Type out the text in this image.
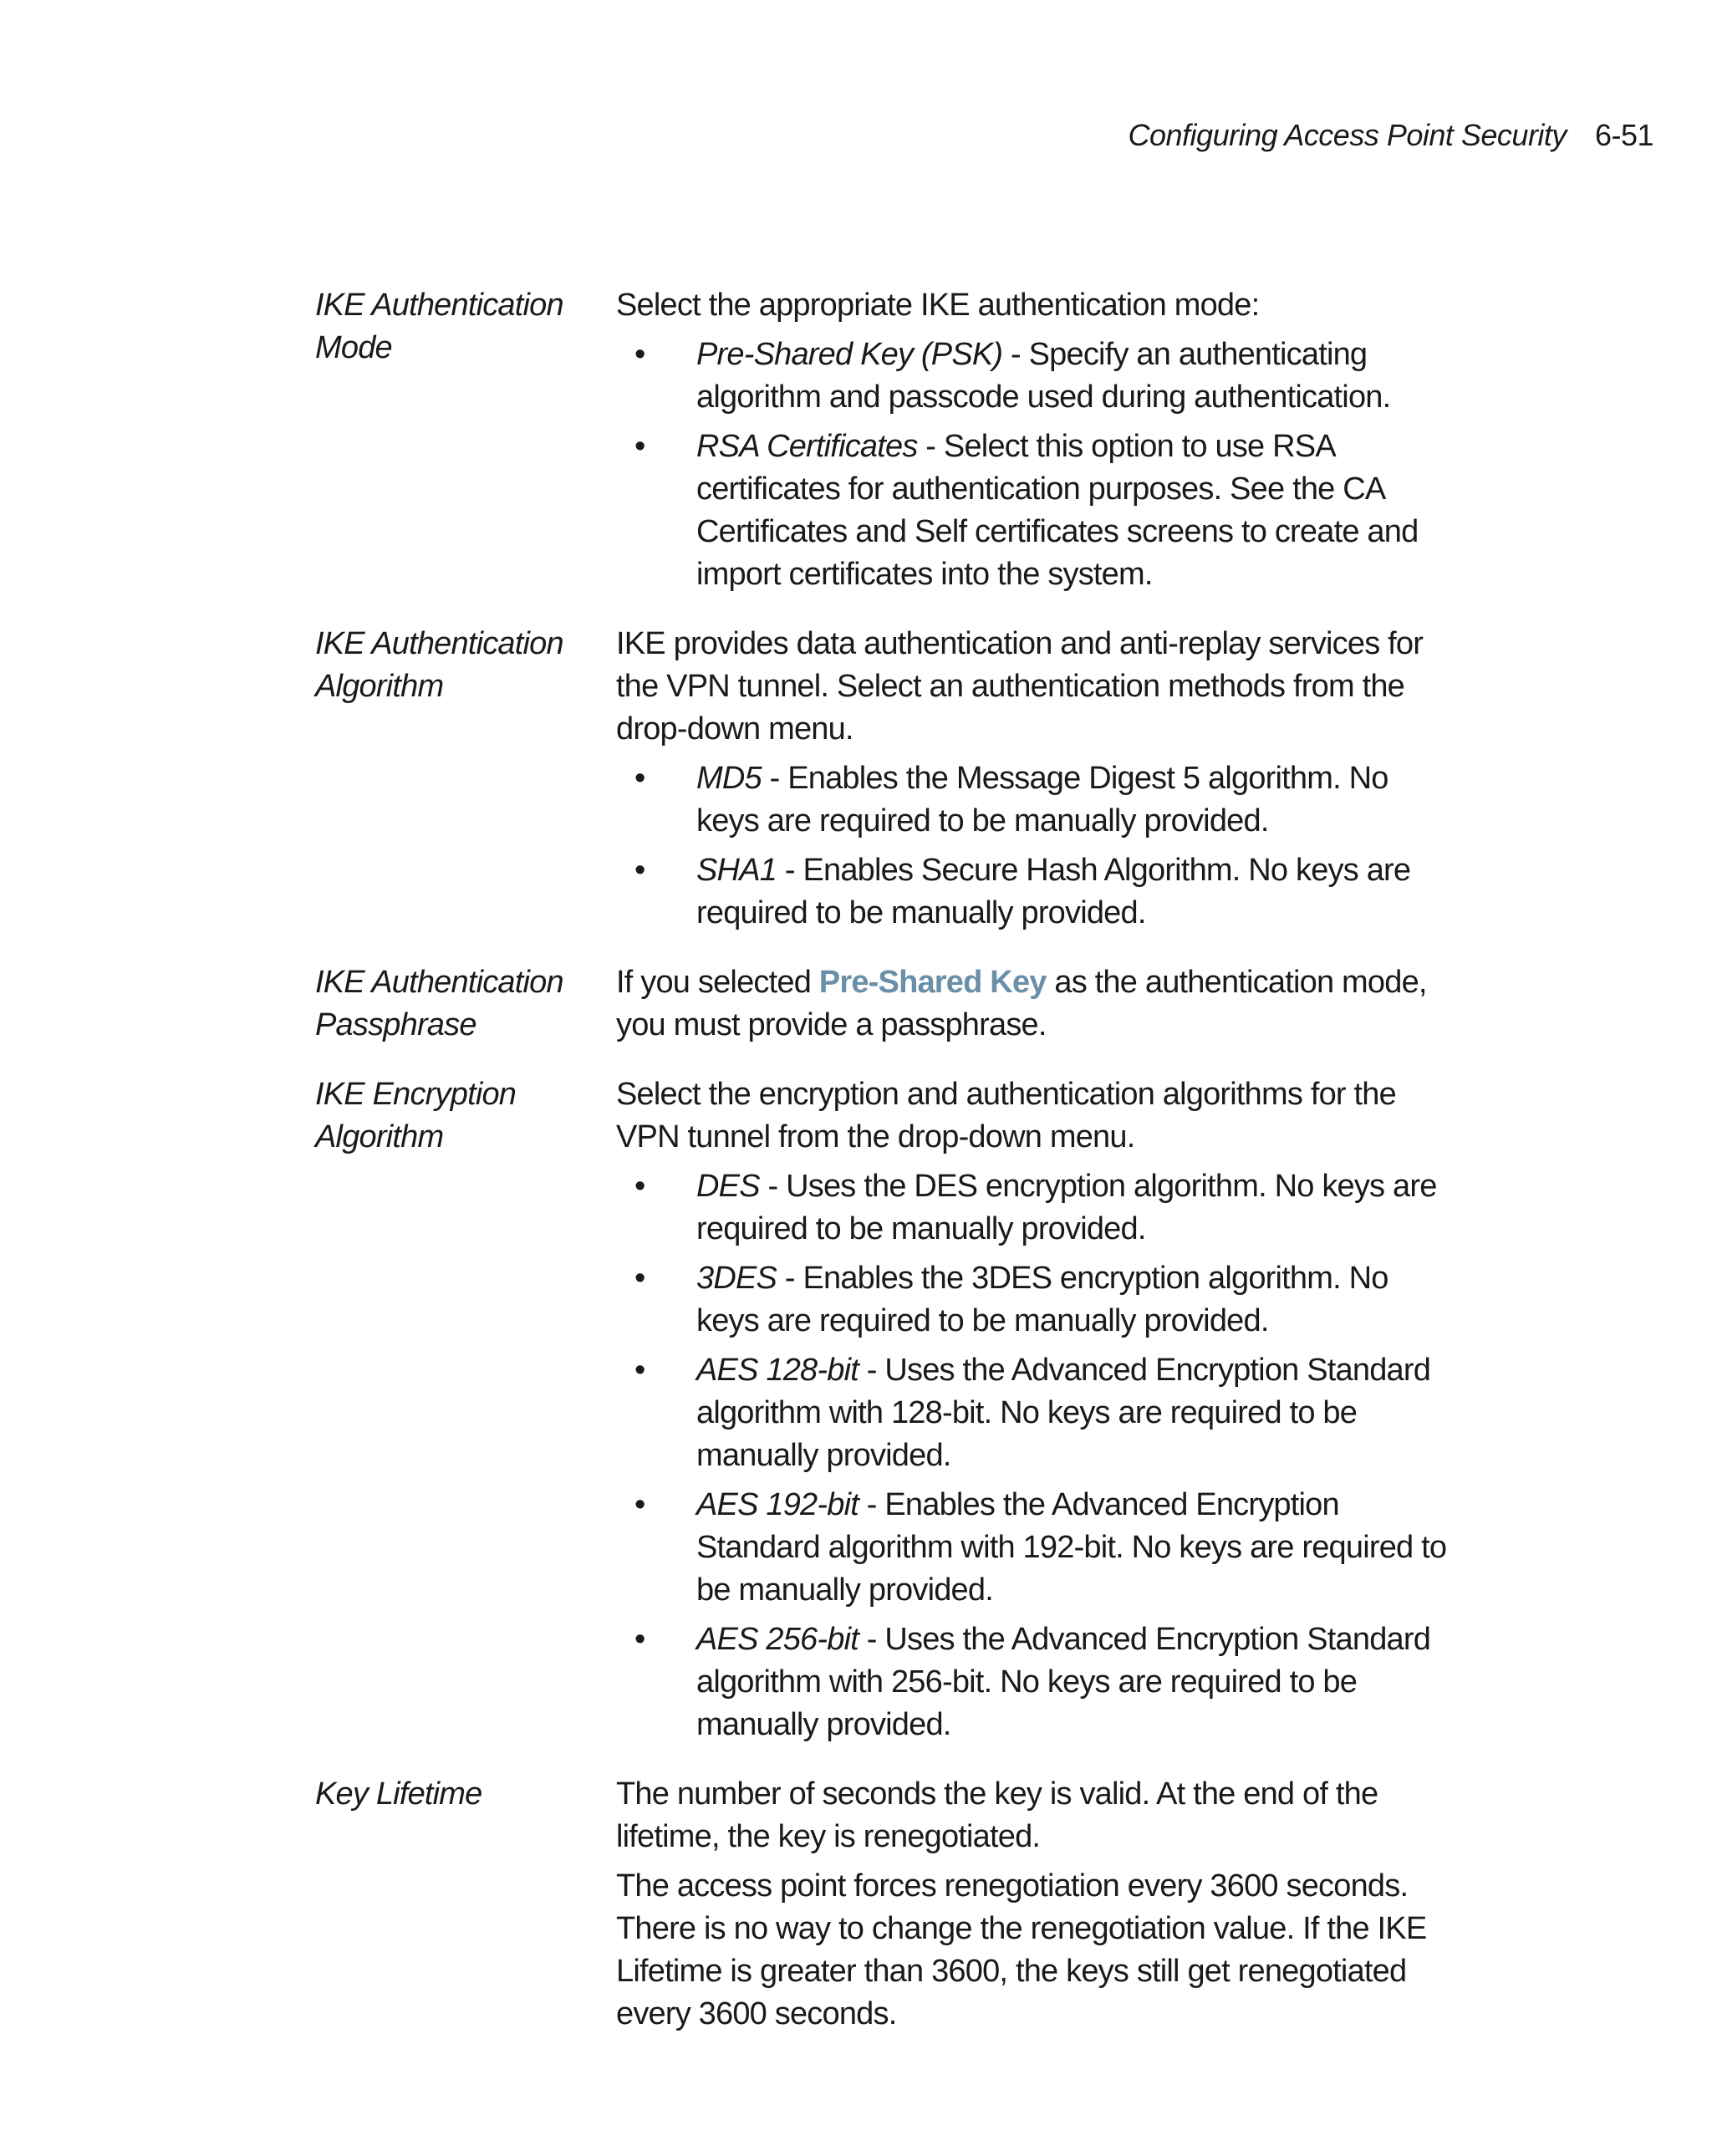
Configuring Access Point Security 6-51
IKE Authentication
Mode

Select the appropriate IKE authentication mode:

• Pre-Shared Key (PSK) - Specify an authenticating algorithm and passcode used during authentication.
• RSA Certificates - Select this option to use RSA certificates for authentication purposes. See the CA Certificates and Self certificates screens to create and import certificates into the system.
IKE Authentication
Algorithm

IKE provides data authentication and anti-replay services for the VPN tunnel. Select an authentication methods from the drop-down menu.

• MD5 - Enables the Message Digest 5 algorithm. No keys are required to be manually provided.
• SHA1 - Enables Secure Hash Algorithm. No keys are required to be manually provided.
IKE Authentication
Passphrase

If you selected Pre-Shared Key as the authentication mode, you must provide a passphrase.

IKE Encryption
Algorithm

Select the encryption and authentication algorithms for the VPN tunnel from the drop-down menu.

• DES - Uses the DES encryption algorithm. No keys are required to be manually provided.
• 3DES - Enables the 3DES encryption algorithm. No keys are required to be manually provided.
• AES 128-bit - Uses the Advanced Encryption Standard algorithm with 128-bit. No keys are required to be manually provided.
• AES 192-bit - Enables the Advanced Encryption Standard algorithm with 192-bit. No keys are required to be manually provided.
• AES 256-bit - Uses the Advanced Encryption Standard algorithm with 256-bit. No keys are required to be manually provided.
Key Lifetime	The number of seconds the key is valid. At the end of the lifetime, the key is renegotiated.

The access point forces renegotiation every 3600 seconds. There is no way to change the renegotiation value. If the IKE Lifetime is greater than 3600, the keys still get renegotiated every 3600 seconds.
